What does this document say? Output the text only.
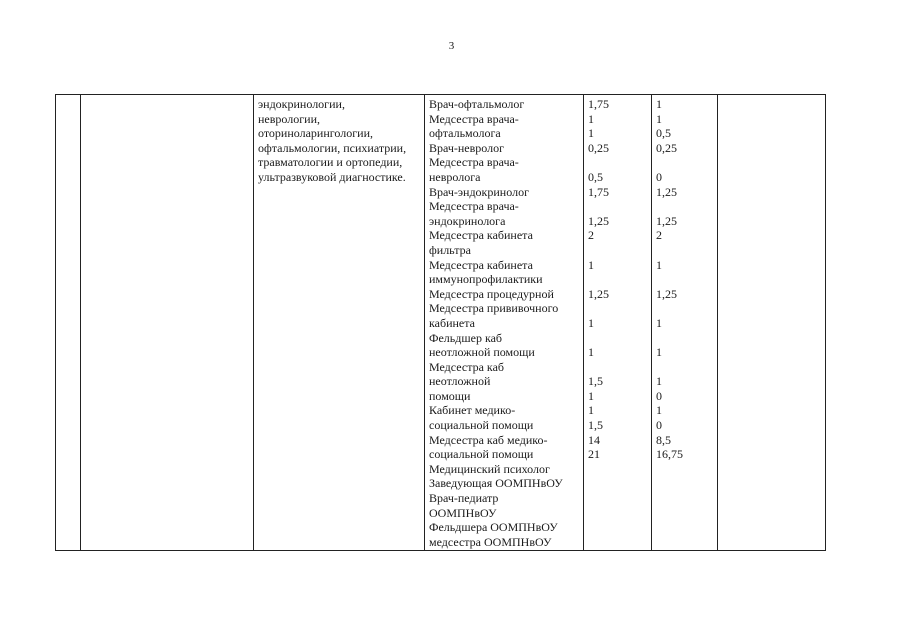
3
эндокринологии,
неврологии,
оториноларингологии,
офтальмологии, психиатрии,
травматологии и ортопедии,
ультразвуковой диагностике.
Врач-офтальмолог
Медсестра врача-
офтальмолога
Врач-невролог
Медсестра врача-
невролога
Врач-эндокринолог
Медсестра врача-
эндокринолога
Медсестра кабинета
фильтра
Медсестра кабинета
иммунопрофилактики
Медсестра процедурной
Медсестра прививочного
кабинета
Фельдшер каб
неотложной помощи
Медсестра каб
неотложной
помощи
Кабинет медико-
социальной помощи
Медсестра каб медико-
социальной помощи
Медицинский психолог
Заведующая ООМПНвОУ
Врач-педиатр
ООМПНвОУ
Фельдшера ООМПНвОУ
медсестра ООМПНвОУ
1,75
1
1
0,25

0,5
1,75

1,25
2

1

1,25

1

1

1,5
1
1
1,5
14
21
1
1
0,5
0,25

0
1,25

1,25
2

1

1,25

1

1

1
0
1
0
8,5
16,75
